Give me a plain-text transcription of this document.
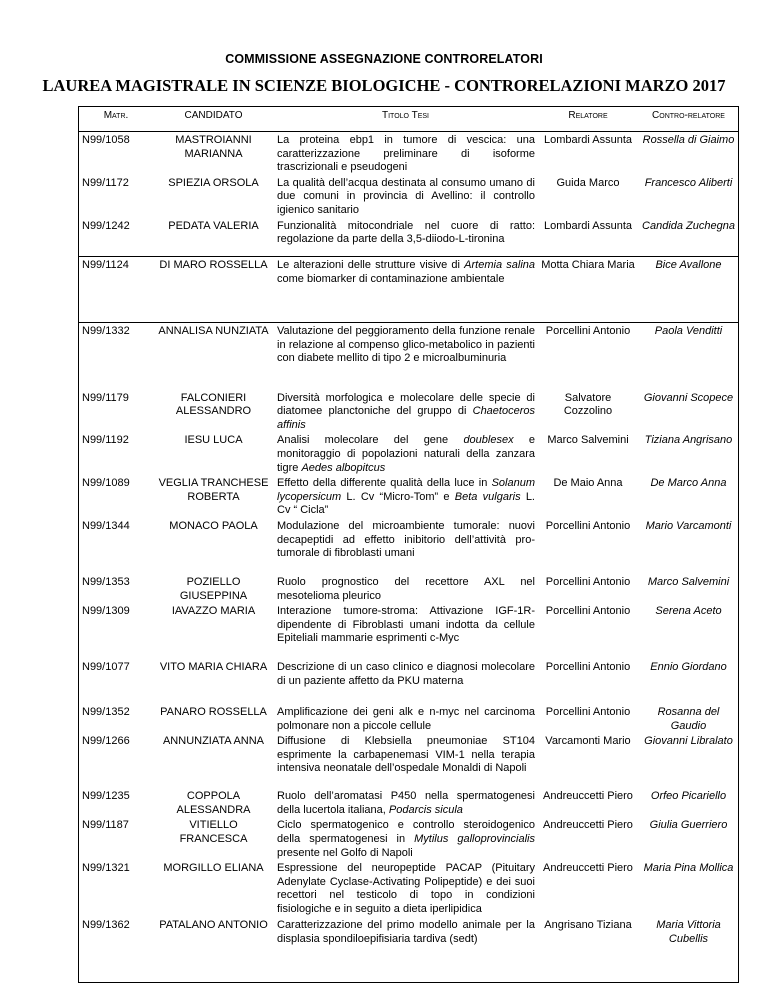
COMMISSIONE ASSEGNAZIONE CONTRORELATORI
LAUREA MAGISTRALE IN SCIENZE BIOLOGICHE - CONTRORELAZIONI MARZO 2017
Matr.	CANDIDATO	Titolo Tesi	Relatore	Contro-relatore
N99/1058	MASTROIANNI MARIANNA	La proteina ebp1 in tumore di vescica: una caratterizzazione preliminare di isoforme trascrizionali e pseudogeni	Lombardi Assunta	Rossella di Giaimo
N99/1172	SPIEZIA ORSOLA	La qualità dell’acqua destinata al consumo umano di due comuni in provincia di Avellino: il controllo igienico sanitario	Guida Marco	Francesco Aliberti
N99/1242	PEDATA VALERIA	Funzionalità mitocondriale nel cuore di ratto: regolazione da parte della 3,5-diiodo-L-tironina	Lombardi Assunta	Candida Zuchegna
N99/1124	DI MARO ROSSELLA	Le alterazioni delle strutture visive di Artemia salina come biomarker di contaminazione ambientale	Motta Chiara Maria	Bice Avallone
N99/1332	ANNALISA NUNZIATA	Valutazione del peggioramento della funzione renale in relazione al compenso glico-metabolico in pazienti con diabete mellito di tipo 2 e microalbuminuria	Porcellini Antonio	Paola Venditti
N99/1179	FALCONIERI ALESSANDRO	Diversità morfologica e molecolare delle specie di diatomee planctoniche del gruppo di Chaetoceros affinis	Salvatore Cozzolino	Giovanni Scopece
N99/1192	IESU LUCA	Analisi molecolare del gene doublesex e monitoraggio di popolazioni naturali della zanzara tigre Aedes albopitcus	Marco Salvemini	Tiziana Angrisano
N99/1089	VEGLIA TRANCHESE ROBERTA	Effetto della differente qualità della luce in Solanum lycopersicum L. Cv “Micro-Tom” e Beta vulgaris L. Cv “ Cicla”	De Maio Anna	De Marco Anna
N99/1344	MONACO PAOLA	Modulazione del microambiente tumorale: nuovi decapeptidi ad effetto inibitorio dell’attività pro-tumorale di fibroblasti umani	Porcellini Antonio	Mario Varcamonti
N99/1353	POZIELLO GIUSEPPINA	Ruolo prognostico del recettore AXL nel mesotelioma pleurico	Porcellini Antonio	Marco Salvemini
N99/1309	IAVAZZO MARIA	Interazione tumore-stroma: Attivazione IGF-1R-dipendente di Fibroblasti umani indotta da cellule Epiteliali mammarie esprimenti c-Myc	Porcellini Antonio	Serena Aceto
N99/1077	VITO MARIA CHIARA	Descrizione di un caso clinico e diagnosi molecolare di un paziente affetto da PKU materna	Porcellini Antonio	Ennio Giordano
N99/1352	PANARO ROSSELLA	Amplificazione dei geni alk e n-myc nel carcinoma polmonare non a piccole cellule	Porcellini Antonio	Rosanna del Gaudio
N99/1266	ANNUNZIATA ANNA	Diffusione di Klebsiella pneumoniae ST104 esprimente la carbapenemasi VIM-1 nella terapia intensiva neonatale dell’ospedale Monaldi di Napoli	Varcamonti Mario	Giovanni Libralato
N99/1235	COPPOLA ALESSANDRA	Ruolo dell’aromatasi P450 nella spermatogenesi della lucertola italiana, Podarcis sicula	Andreuccetti Piero	Orfeo Picariello
N99/1187	VITIELLO FRANCESCA	Ciclo spermatogenico e controllo steroidogenico della spermatogenesi in Mytilus galloprovincialis presente nel Golfo di Napoli	Andreuccetti Piero	Giulia Guerriero
N99/1321	MORGILLO ELIANA	Espressione del neuropeptide PACAP (Pituitary Adenylate Cyclase-Activating Polipeptide) e dei suoi recettori nel testicolo di topo in condizioni fisiologiche e in seguito a dieta iperlipidica	Andreuccetti Piero	Maria Pina Mollica
N99/1362	PATALANO ANTONIO	Caratterizzazione del primo modello animale per la displasia spondiloepifisiaria tardiva (sedt)	Angrisano Tiziana	Maria Vittoria Cubellis
